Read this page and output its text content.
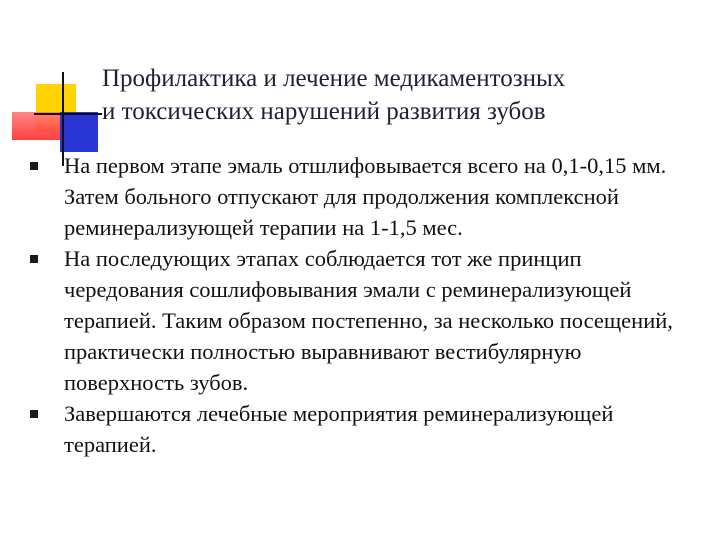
Профилактика и лечение медикаментозных
и токсических нарушений развития зубов
На первом этапе эмаль отшлифовывается всего на 0,1-0,15 мм. Затем больного отпускают для продолжения комплексной реминерализующей терапии на 1-1,5 мес.
На последующих этапах соблюдается тот же принцип чередования сошлифовывания эмали с реминерализующей терапией. Таким образом постепенно, за несколько посещений, практически полностью выравнивают вестибулярную поверхность зубов.
Завершаются лечебные мероприятия реминерализующей терапией.
